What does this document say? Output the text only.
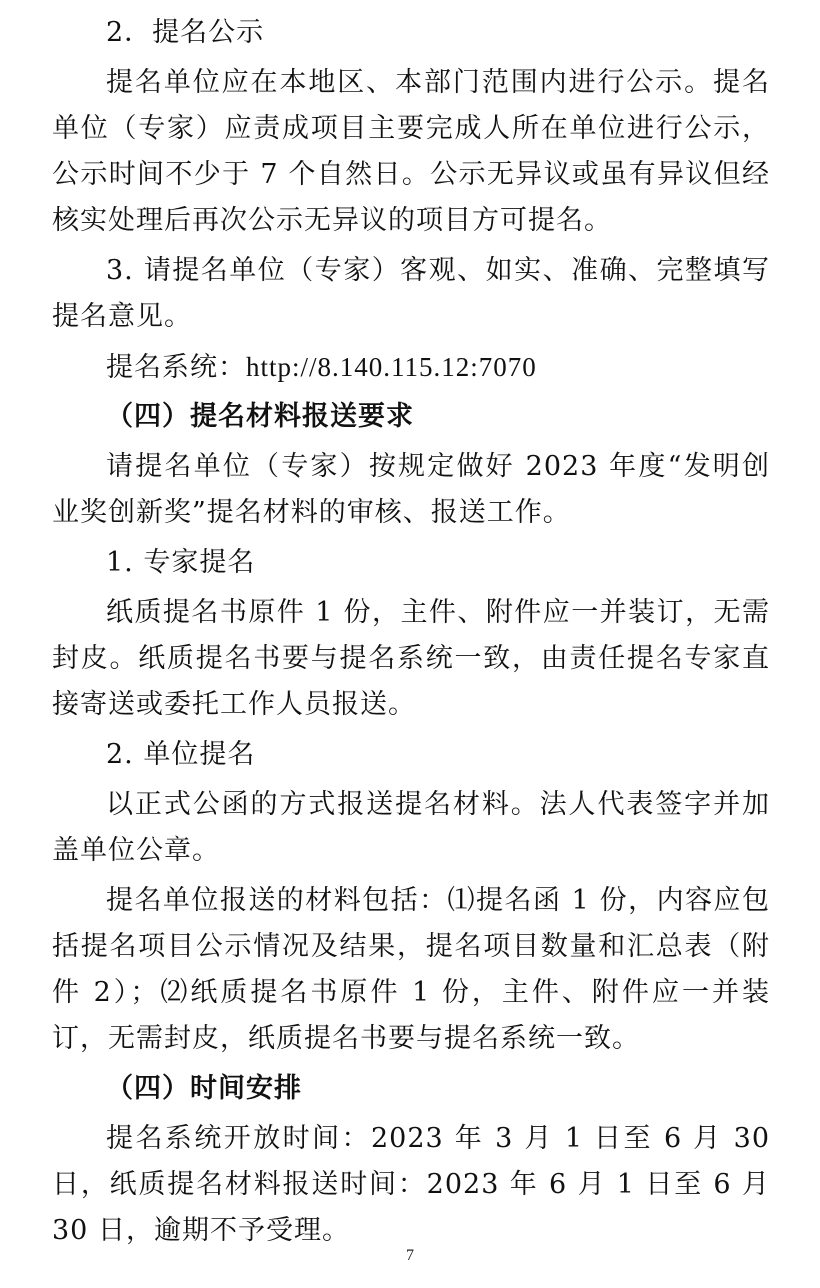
2．提名公示

提名单位应在本地区、本部门范围内进行公示。提名单位（专家）应责成项目主要完成人所在单位进行公示，公示时间不少于 7 个自然日。公示无异议或虽有异议但经核实处理后再次公示无异议的项目方可提名。

3. 请提名单位（专家）客观、如实、准确、完整填写提名意见。

提名系统：http://8.140.115.12:7070

（四）提名材料报送要求

请提名单位（专家）按规定做好 2023 年度“发明创业奖创新奖”提名材料的审核、报送工作。

1. 专家提名

纸质提名书原件 1 份，主件、附件应一并装订，无需封皮。纸质提名书要与提名系统一致，由责任提名专家直接寄送或委托工作人员报送。

2. 单位提名

以正式公函的方式报送提名材料。法人代表签字并加盖单位公章。

提名单位报送的材料包括：⑴提名函 1 份，内容应包括提名项目公示情况及结果，提名项目数量和汇总表（附件 2）；⑵纸质提名书原件 1 份，主件、附件应一并装订，无需封皮，纸质提名书要与提名系统一致。

（四）时间安排

提名系统开放时间：2023 年 3 月 1 日至 6 月 30 日，纸质提名材料报送时间：2023 年 6 月 1 日至 6 月 30 日，逾期不予受理。

7
